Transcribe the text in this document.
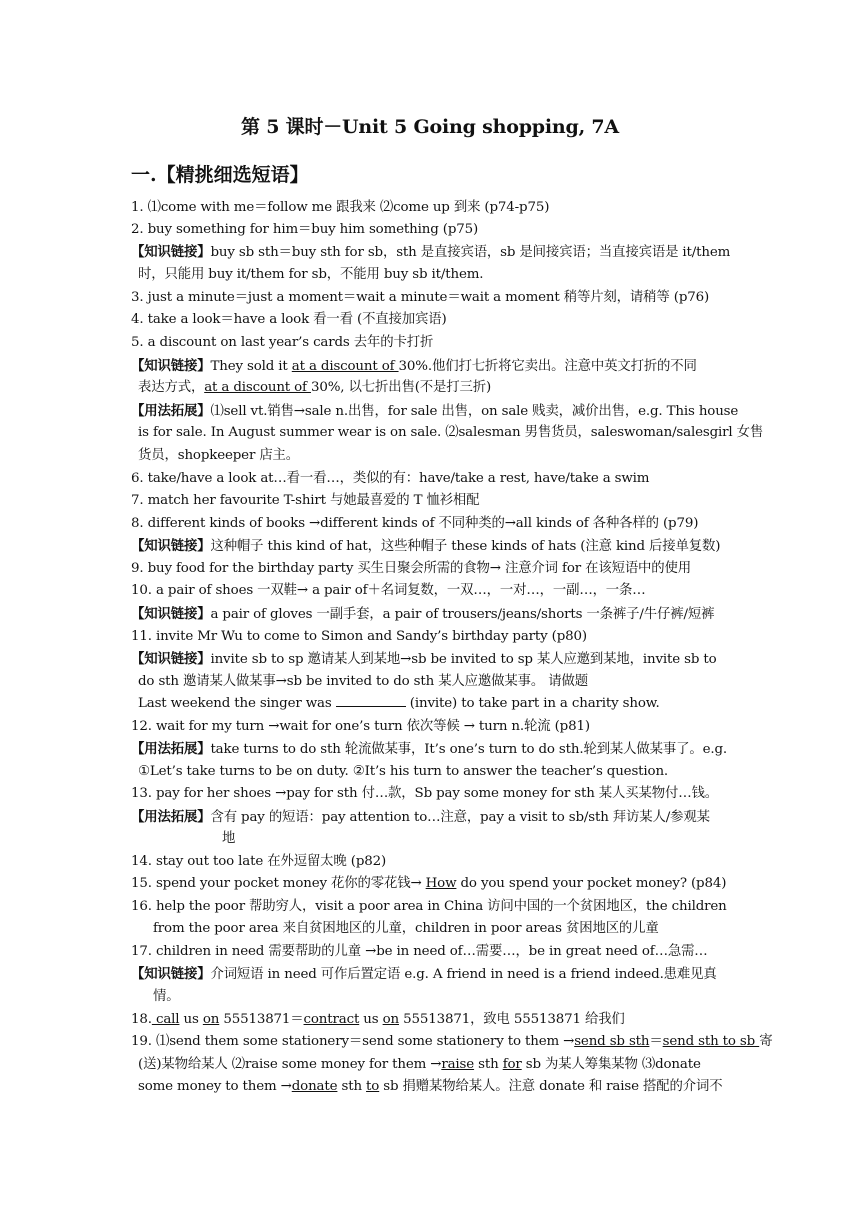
第 5 课时－Unit 5 Going shopping, 7A
一.【精挑细选短语】
1. ⑴come with me＝follow me 跟我来 ⑵come up 到来 (p74-p75)
2. buy something for him＝buy him something (p75)
【知识链接】buy sb sth＝buy sth for sb，sth 是直接宾语，sb 是间接宾语；当直接宾语是 it/them
时，只能用 buy it/them for sb，不能用 buy sb it/them.
3. just a minute＝just a moment＝wait a minute＝wait a moment 稍等片刻，请稍等 (p76)
4. take a look＝have a look 看一看 (不直接加宾语)
5. a discount on last year’s cards 去年的卡打折
【知识链接】They sold it at a discount of 30%.他们打七折将它卖出。注意中英文打折的不同
表达方式，at a discount of 30%, 以七折出售(不是打三折)
【用法拓展】⑴sell vt.销售→sale n.出售，for sale 出售，on sale 贱卖，减价出售，e.g. This house
is for sale. In August summer wear is on sale. ⑵salesman 男售货员，saleswoman/salesgirl 女售
货员，shopkeeper 店主。
6. take/have a look at…看一看…，类似的有：have/take a rest, have/take a swim
7. match her favourite T-shirt 与她最喜爱的 T 恤衫相配
8. different kinds of books →different kinds of 不同种类的→all kinds of 各种各样的 (p79)
【知识链接】这种帽子 this kind of hat，这些种帽子 these kinds of hats (注意 kind 后接单复数)
9. buy food for the birthday party 买生日聚会所需的食物→ 注意介词 for 在该短语中的使用
10. a pair of shoes 一双鞋→ a pair of＋名词复数，一双…，一对…，一副…，一条…
【知识链接】a pair of gloves 一副手套，a pair of trousers/jeans/shorts 一条裤子/牛仔裤/短裤
11. invite Mr Wu to come to Simon and Sandy’s birthday party (p80)
【知识链接】invite sb to sp 邀请某人到某地→sb be invited to sp 某人应邀到某地，invite sb to
do sth 邀请某人做某事→sb be invited to do sth 某人应邀做某事。 请做题
Last weekend the singer was	(invite) to take part in a charity show.
12. wait for my turn →wait for one’s turn 依次等候 → turn n.轮流 (p81)
【用法拓展】take turns to do sth 轮流做某事，It’s one’s turn to do sth.轮到某人做某事了。e.g.
①Let’s take turns to be on duty. ②It’s his turn to answer the teacher’s question.
13. pay for her shoes →pay for sth 付…款，Sb pay some money for sth 某人买某物付…钱。
【用法拓展】含有 pay 的短语：pay attention to…注意，pay a visit to sb/sth 拜访某人/参观某
地
14. stay out too late 在外逗留太晚 (p82)
15. spend your pocket money 花你的零花钱→ How do you spend your pocket money? (p84)
16. help the poor 帮助穷人，visit a poor area in China 访问中国的一个贫困地区，the children
from the poor area 来自贫困地区的儿童，children in poor areas 贫困地区的儿童
17. children in need 需要帮助的儿童 →be in need of…需要…，be in great need of…急需…
【知识链接】介词短语 in need 可作后置定语 e.g. A friend in need is a friend indeed.患难见真
情。
18. call us on 55513871＝contract us on 55513871，致电 55513871 给我们
19. ⑴send them some stationery＝send some stationery to them →send sb sth＝send sth to sb 寄
(送)某物给某人 ⑵raise some money for them →raise sth for sb 为某人筹集某物 ⑶donate
some money to them →donate sth to sb 捐赠某物给某人。注意 donate 和 raise 搭配的介词不
